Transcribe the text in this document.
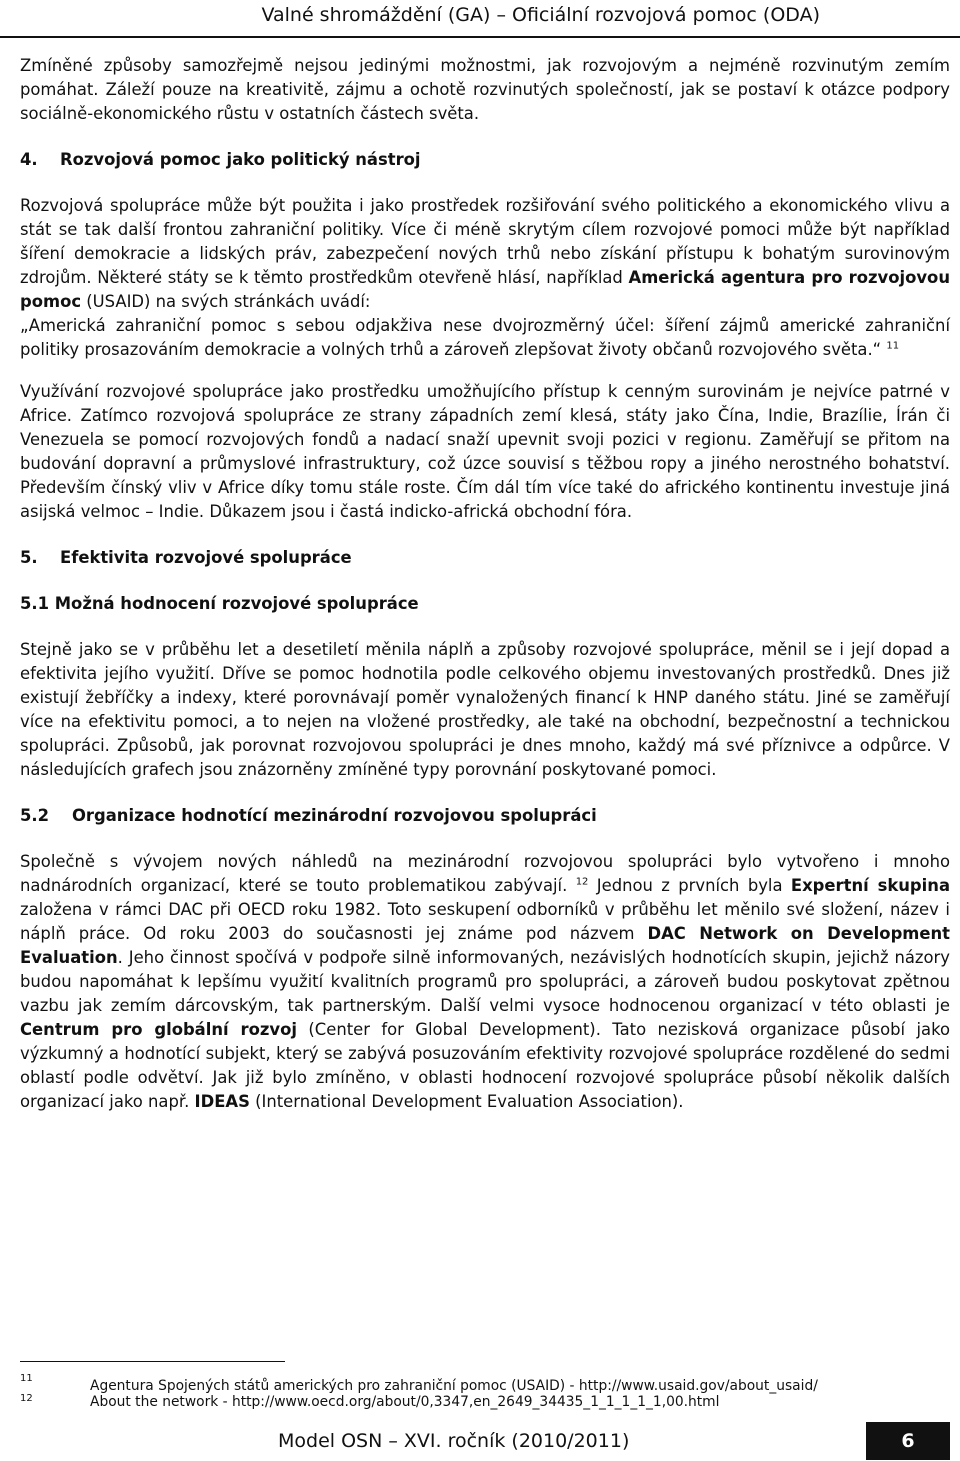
Valné shromáždění (GA) – Oficiální rozvojová pomoc (ODA)

Zmíněné způsoby samozřejmě nejsou jedinými možnostmi, jak rozvojovým a nejméně rozvinutým zemím pomáhat. Záleží pouze na kreativitě, zájmu a ochotě rozvinutých společností, jak se postaví k otázce podpory sociálně-ekonomického růstu v ostatních částech světa.

4.	Rozvojová pomoc jako politický nástroj

Rozvojová spolupráce může být použita i jako prostředek rozšiřování svého politického a ekonomického vlivu a stát se tak další frontou zahraniční politiky. Více či méně skrytým cílem rozvojové pomoci může být například šíření demokracie a lidských práv, zabezpečení nových trhů nebo získání přístupu k bohatým surovinovým zdrojům. Některé státy se k těmto prostředkům otevřeně hlásí, například Americká agentura pro rozvojovou pomoc (USAID) na svých stránkách uvádí:

„Americká zahraniční pomoc s sebou odjakživa nese dvojrozměrný účel: šíření zájmů americké zahraniční politiky prosazováním demokracie a volných trhů a zároveň zlepšovat životy občanů rozvojového světa.“ $^{11}$

Využívání rozvojové spolupráce jako prostředku umožňujícího přístup k cenným surovinám je nejvíce patrné v Africe. Zatímco rozvojová spolupráce ze strany západních zemí klesá, státy jako Čína, Indie, Brazílie, Írán či Venezuela se pomocí rozvojových fondů a nadací snaží upevnit svoji pozici v regionu. Zaměřují se přitom na budování dopravní a průmyslové infrastruktury, což úzce souvisí s těžbou ropy a jiného nerostného bohatství. Především čínský vliv v Africe díky tomu stále roste. Čím dál tím více také do afrického kontinentu investuje jiná asijská velmoc – Indie. Důkazem jsou i častá indicko-africká obchodní fóra.

5.	Efektivita rozvojové spolupráce
5.1 Možná hodnocení rozvojové spolupráce

Stejně jako se v průběhu let a desetiletí měnila náplň a způsoby rozvojové spolupráce, měnil se i její dopad a efektivita jejího využití. Dříve se pomoc hodnotila podle celkového objemu investovaných prostředků. Dnes již existují žebříčky a indexy, které porovnávají poměr vynaložených financí k HNP daného státu. Jiné se zaměřují více na efektivitu pomoci, a to nejen na vložené prostředky, ale také na obchodní, bezpečnostní a technickou spolupráci. Způsobů, jak porovnat rozvojovou spolupráci je dnes mnoho, každý má své příznivce a odpůrce. V následujících grafech jsou znázorněny zmíněné typy porovnání poskytované pomoci.

5.2	Organizace hodnotící mezinárodní rozvojovou spolupráci

Společně s vývojem nových náhledů na mezinárodní rozvojovou spolupráci bylo vytvořeno i mnoho nadnárodních organizací, které se touto problematikou zabývají. $^{12}$ Jednou z prvních byla Expertní skupina založena v rámci DAC při OECD roku 1982. Toto seskupení odborníků v průběhu let měnilo své složení, název i náplň práce. Od roku 2003 do současnosti jej známe pod názvem DAC Network on Development Evaluation. Jeho činnost spočívá v podpoře silně informovaných, nezávislých hodnotících skupin, jejichž názory budou napomáhat k lepšímu využití kvalitních programů pro spolupráci, a zároveň budou poskytovat zpětnou vazbu jak zemím dárcovským, tak partnerským. Další velmi vysoce hodnocenou organizací v této oblasti je Centrum pro globální rozvoj (Center for Global Development). Tato nezisková organizace působí jako výzkumný a hodnotící subjekt, který se zabývá posuzováním efektivity rozvojové spolupráce rozdělené do sedmi oblastí podle odvětví. Jak již bylo zmíněno, v oblasti hodnocení rozvojové spolupráce působí několik dalších organizací jako např. IDEAS (International Development Evaluation Association).

11	Agentura Spojených států amerických pro zahraniční pomoc (USAID) - http://www.usaid.gov/about_usaid/
12	About the network - http://www.oecd.org/about/0,3347,en_2649_34435_1_1_1_1_1,00.html
Model OSN – XVI. ročník (2010/2011)	6
